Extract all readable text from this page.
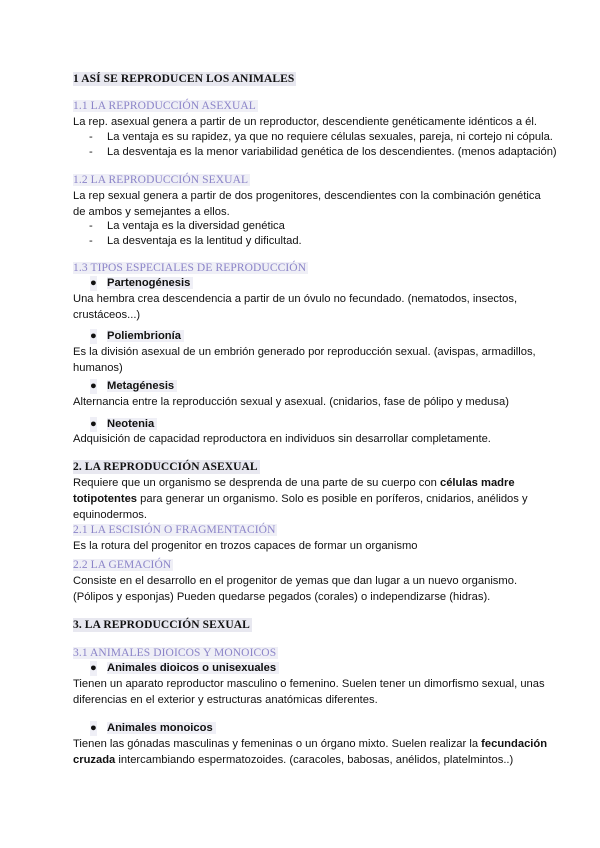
1 ASÍ SE REPRODUCEN LOS ANIMALES
1.1 LA REPRODUCCIÓN ASEXUAL

La rep. asexual genera a partir de un reproductor, descendiente genéticamente idénticos a él.

- La ventaja es su rapidez, ya que no requiere células sexuales, pareja, ni cortejo ni cópula.
- La desventaja es la menor variabilidad genética de los descendientes. (menos adaptación)
1.2 LA REPRODUCCIÓN SEXUAL

La rep sexual genera a partir de dos progenitores, descendientes con la combinación genética de ambos y semejantes a ellos.

- La ventaja es la diversidad genética
- La desventaja es la lentitud y dificultad.
1.3 TIPOS ESPECIALES DE REPRODUCCIÓN
● Partenogénesis

Una hembra crea descendencia a partir de un óvulo no fecundado. (nematodos, insectos, crustáceos...)

● Poliembrionía

Es la división asexual de un embrión generado por reproducción sexual. (avispas, armadillos, humanos)

● Metagénesis

Alternancia entre la reproducción sexual y asexual. (cnidarios, fase de pólipo y medusa)

● Neotenia

Adquisición de capacidad reproductora en individuos sin desarrollar completamente.

2. LA REPRODUCCIÓN ASEXUAL

Requiere que un organismo se desprenda de una parte de su cuerpo con células madre totipotentes para generar un organismo. Solo es posible en poríferos, cnidarios, anélidos y equinodermos.

2.1 LA ESCISIÓN O FRAGMENTACIÓN

Es la rotura del progenitor en trozos capaces de formar un organismo

2.2 LA GEMACIÓN

Consiste en el desarrollo en el progenitor de yemas que dan lugar a un nuevo organismo. (Pólipos y esponjas) Pueden quedarse pegados (corales) o independizarse (hidras).

3. LA REPRODUCCIÓN SEXUAL
3.1 ANIMALES DIOICOS Y MONOICOS
● Animales dioicos o unisexuales

Tienen un aparato reproductor masculino o femenino. Suelen tener un dimorfismo sexual, unas diferencias en el exterior y estructuras anatómicas diferentes.

● Animales monoicos

Tienen las gónadas masculinas y femeninas o un órgano mixto. Suelen realizar la fecundación cruzada intercambiando espermatozoides. (caracoles, babosas, anélidos, platelmintos..)
